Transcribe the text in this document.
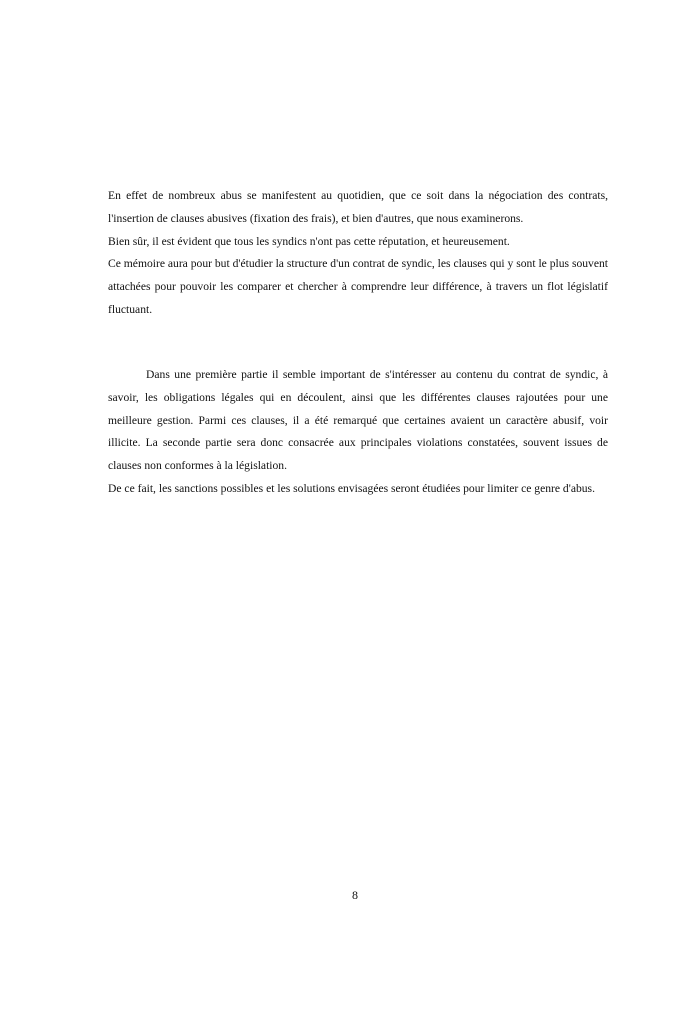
En effet de nombreux abus se manifestent au quotidien, que ce soit dans la négociation des contrats, l'insertion de clauses abusives (fixation des frais), et bien d'autres, que nous examinerons.

Bien sûr, il est évident que tous les syndics n'ont pas cette réputation, et heureusement.

Ce mémoire aura pour but d'étudier la structure d'un contrat de syndic, les clauses qui y sont le plus souvent attachées pour pouvoir les comparer et chercher à comprendre leur différence, à travers un flot législatif fluctuant.

Dans une première partie il semble important de s'intéresser au contenu du contrat de syndic, à savoir, les obligations légales qui en découlent, ainsi que les différentes clauses rajoutées pour une meilleure gestion. Parmi ces clauses, il a été remarqué que certaines avaient un caractère abusif, voir illicite. La seconde partie sera donc consacrée aux principales violations constatées, souvent issues de clauses non conformes à la législation.

De ce fait, les sanctions possibles et les solutions envisagées seront étudiées pour limiter ce genre d'abus.

8
